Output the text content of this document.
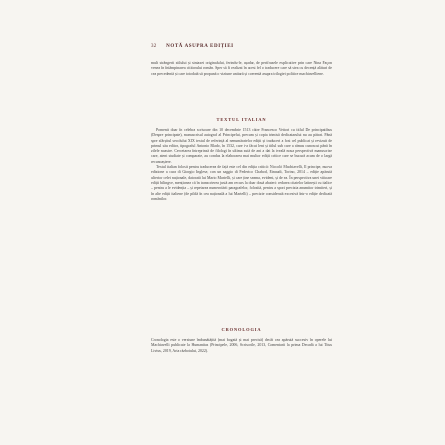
32 NOTĂ ASUPRA EDIȚIEI

mult strângerii stilului și sintaxei originalului, ferindu-le, așadar, de perifrazele explicative prin care Nina Façon venea în întâmpinarea cititorului român. Sper să fi realizat în acest fel o traducere care să stea cu decență alături de cea precedentă și care totodată să propună o viziune unitară și coerentă asupra trilogiei politice machiavelliene.

TEXTUL ITALIAN

Pomenit doar în celebra scrisoare din 10 decembrie 1513 către Francesco Vettori cu titlul De principatibus (Despre principate), manuscrisul autograf al Principelui, precum și copia trimisă dedicatarului nu au pătrat. Până spre sfârșitul secolului XIX textul de referință al nenumăratelor ediții și traduceri a fost cel publicat și revizuit de primul său editor, tipograful Antonio Blado, în 1532, care i-a făcut lent și titlul sub care a rămas cunoscut până în zilele noastre. Cercetarea întreprinsă de filologi în ultima sută de ani a dat la iveală noua perspectivă manuscrise care, atent studiate și comparate, au condus la elaborarea mai multor ediții critice care se bucură acum de o largă recunoaștere.

Textul italian folosit pentru traducerea de față este cel din ediția critică: Niccolò Machiavelli, Il principe, nuova edizione a cura di Giorgio Inglese, con un saggio di Federico Chabod, Einaudi, Torino, 2014 – ediție apărută ulterior celei naționale, datorată lui Mario Martelli, și care ține seama, evident, și de ea. În perspectiva unei viitoare ediții bilingve, menționez că în transcrierea justă am recurs la doar două abateri: redarea citatelor latinești cu italice – pentru a le evidenția – și repetarea numerotării paragrafelor, folosită, pentru a spori precizia anumitor trimiteri, și în alte ediții italiene (de pildă în cea națională a lui Martelli) – precizie considerată excesivă într-o ediție dedicată românilor.

CRONOLOGIA

Cronologia este o versiune îmbunătățită (mai bogată și mai precisă) decât cea apărută succesiv în operele lui Machiavelli publicate la Humanitas (Principele, 2006, Scrisorile, 2013, Comentarii la prima Decadă a lui Titus Livius, 2019, Arta războiului, 2022).
